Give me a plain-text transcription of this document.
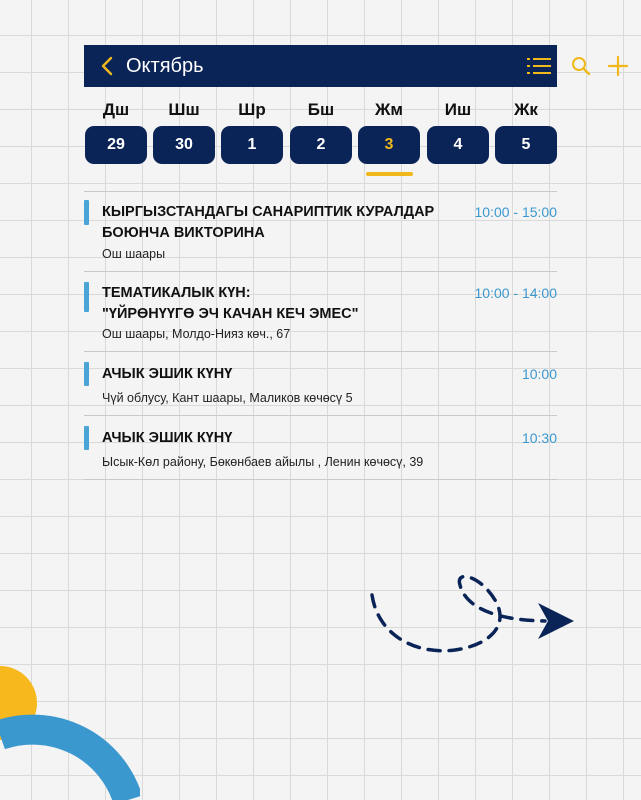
Октябрь
Дш	Шш	Шр	Бш	Жм	Иш	Жк
29	30	1	2	3	4	5
КЫРГЫЗСТАНДАГЫ САНАРИПТИК КУРАЛДАР
БОЮНЧА ВИКТОРИНА
10:00 - 15:00
Ош шаары
ТЕМАТИКАЛЫК КҮН:
"ҮЙРӨНҮҮГӨ ЭЧ КАЧАН КЕЧ ЭМЕС"
10:00 - 14:00
Ош шаары, Молдо-Нияз көч., 67
АЧЫК ЭШИК КҮНҮ	10:00
Чүй облусу, Кант шаары, Маликов көчөсү 5
АЧЫК ЭШИК КҮНҮ	10:30
Ысык-Көл району, Бөкөнбаев айылы , Ленин көчөсү, 39
